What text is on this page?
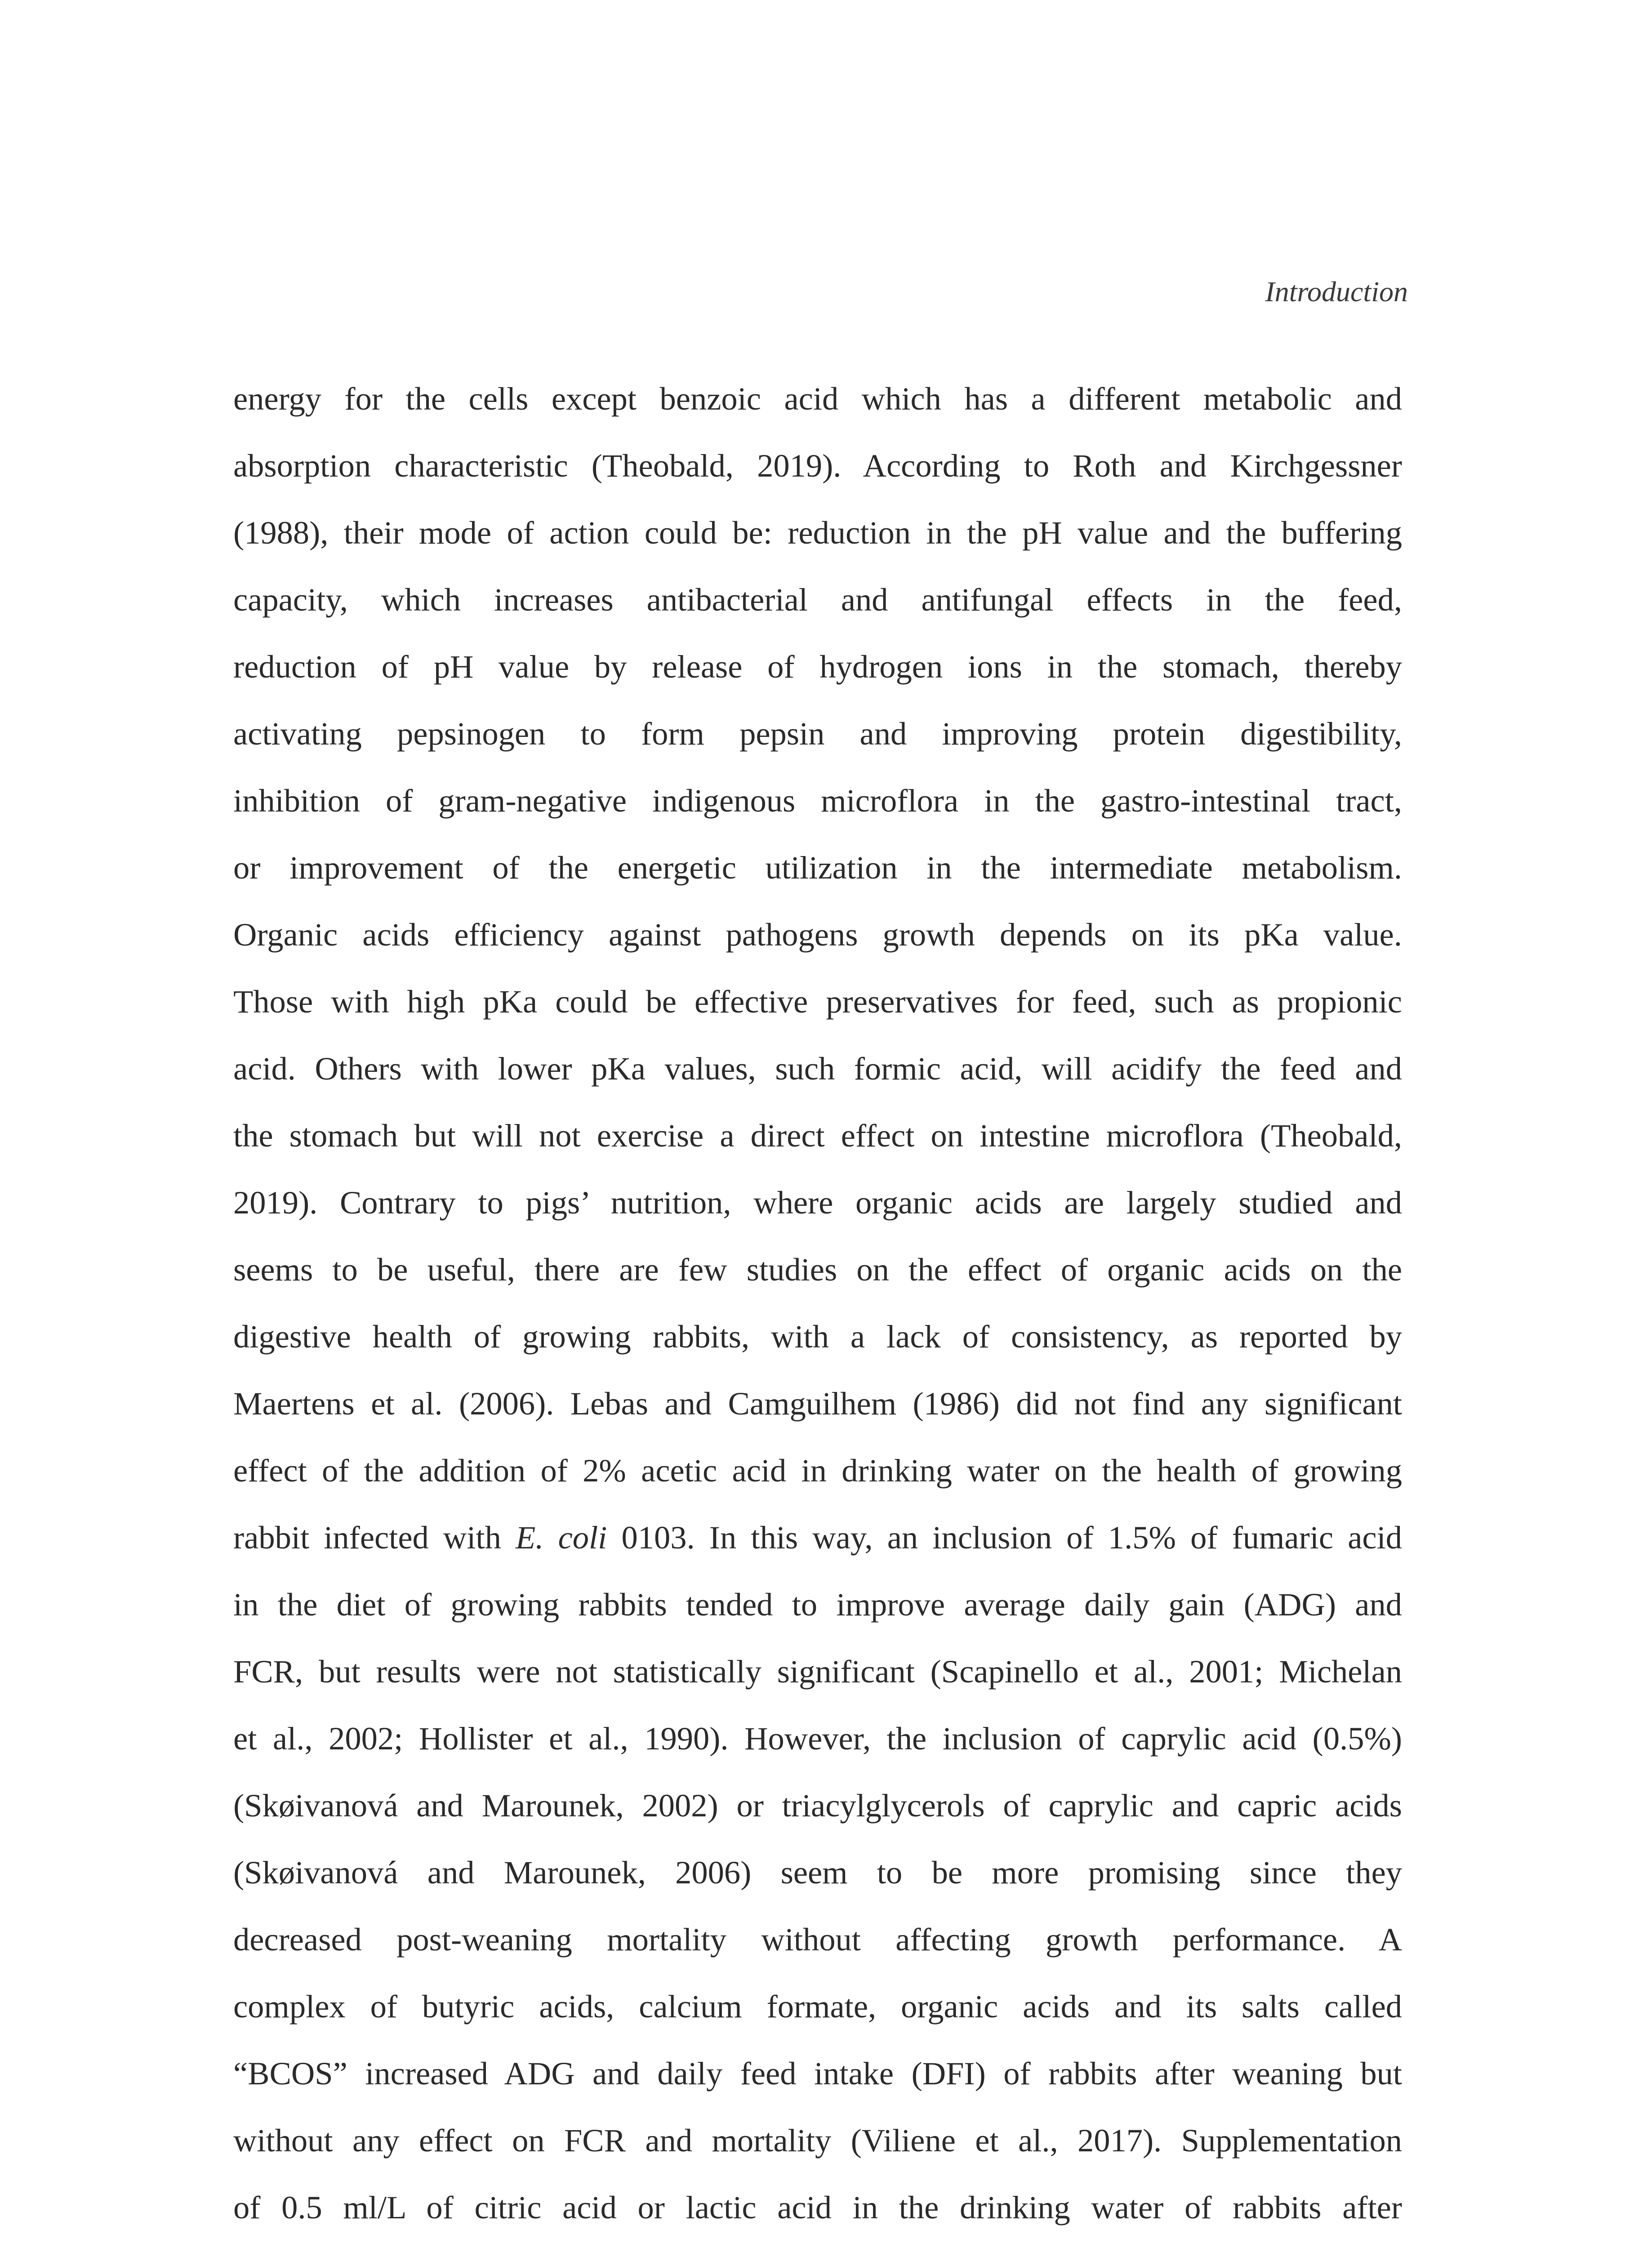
Introduction
energy for the cells except benzoic acid which has a different metabolic and
absorption characteristic (Theobald, 2019). According to Roth and Kirchgessner
(1988), their mode of action could be: reduction in the pH value and the buffering
capacity, which increases antibacterial and antifungal effects in the feed,
reduction of pH value by release of hydrogen ions in the stomach, thereby
activating pepsinogen to form pepsin and improving protein digestibility,
inhibition of gram-negative indigenous microflora in the gastro-intestinal tract,
or improvement of the energetic utilization in the intermediate metabolism.
Organic acids efficiency against pathogens growth depends on its pKa value.
Those with high pKa could be effective preservatives for feed, such as propionic
acid. Others with lower pKa values, such formic acid, will acidify the feed and
the stomach but will not exercise a direct effect on intestine microflora (Theobald,
2019). Contrary to pigs’ nutrition, where organic acids are largely studied and
seems to be useful, there are few studies on the effect of organic acids on the
digestive health of growing rabbits, with a lack of consistency, as reported by
Maertens et al. (2006). Lebas and Camguilhem (1986) did not find any significant
effect of the addition of 2% acetic acid in drinking water on the health of growing
rabbit infected with E. coli 0103. In this way, an inclusion of 1.5% of fumaric acid
in the diet of growing rabbits tended to improve average daily gain (ADG) and
FCR, but results were not statistically significant (Scapinello et al., 2001; Michelan
et al., 2002; Hollister et al., 1990). However, the inclusion of caprylic acid (0.5%)
(Skøivanová and Marounek, 2002) or triacylglycerols of caprylic and capric acids
(Skøivanová and Marounek, 2006) seem to be more promising since they
decreased post-weaning mortality without affecting growth performance. A
complex of butyric acids, calcium formate, organic acids and its salts called
“BCOS” increased ADG and daily feed intake (DFI) of rabbits after weaning but
without any effect on FCR and mortality (Viliene et al., 2017). Supplementation
of 0.5 ml/L of citric acid or lactic acid in the drinking water of rabbits after
